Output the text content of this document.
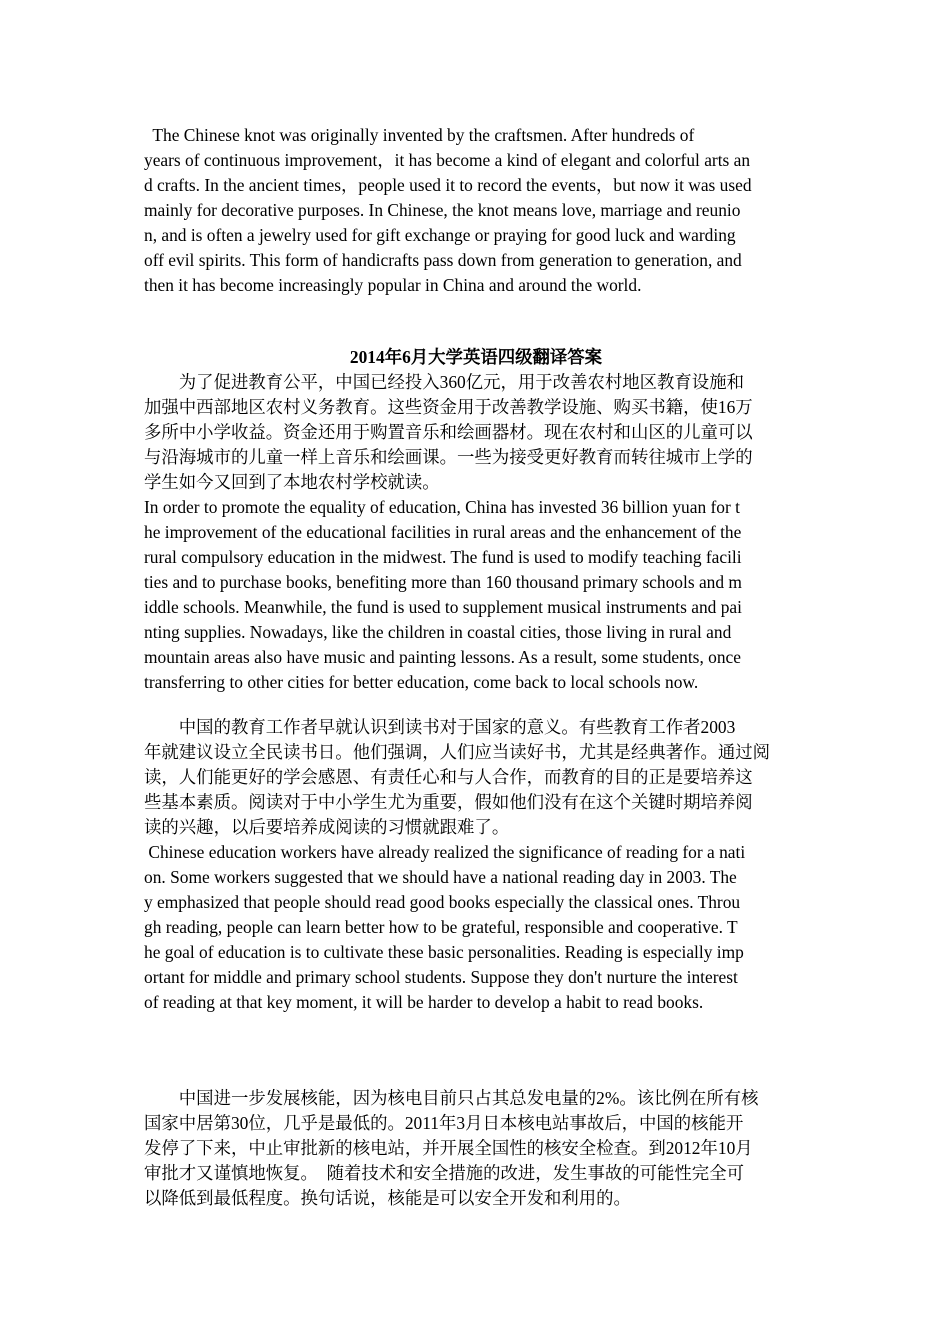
The Chinese knot was originally invented by the craftsmen. After hundreds of
years of continuous improvement，it has become a kind of elegant and colorful arts an
d crafts. In the ancient times，people used it to record the events，but now it was used
mainly for decorative purposes. In Chinese, the knot means love, marriage and reunio
n, and is often a jewelry used for gift exchange or praying for good luck and warding
off evil spirits. This form of handicrafts pass down from generation to generation, and
then it has become increasingly popular in China and around the world.
2014年6月大学英语四级翻译答案
　　为了促进教育公平，中国已经投入360亿元，用于改善农村地区教育设施和
加强中西部地区农村义务教育。这些资金用于改善教学设施、购买书籍，使16万
多所中小学收益。资金还用于购置音乐和绘画器材。现在农村和山区的儿童可以
与沿海城市的儿童一样上音乐和绘画课。一些为接受更好教育而转往城市上学的
学生如今又回到了本地农村学校就读。
In order to promote the equality of education, China has invested 36 billion yuan for t
he improvement of the educational facilities in rural areas and the enhancement of the
rural compulsory education in the midwest. The fund is used to modify teaching facili
ties and to purchase books, benefiting more than 160 thousand primary schools and m
iddle schools. Meanwhile, the fund is used to supplement musical instruments and pai
nting supplies. Nowadays, like the children in coastal cities, those living in rural and
mountain areas also have music and painting lessons. As a result, some students, once
transferring to other cities for better education, come back to local schools now.
　　中国的教育工作者早就认识到读书对于国家的意义。有些教育工作者2003
年就建议设立全民读书日。他们强调，人们应当读好书，尤其是经典著作。通过阅
读，人们能更好的学会感恩、有责任心和与人合作，而教育的目的正是要培养这
些基本素质。阅读对于中小学生尤为重要，假如他们没有在这个关键时期培养阅
读的兴趣，以后要培养成阅读的习惯就跟难了。
Chinese education workers have already realized the significance of reading for a nati
on. Some workers suggested that we should have a national reading day in 2003. The
y emphasized that people should read good books especially the classical ones. Throu
gh reading, people can learn better how to be grateful, responsible and cooperative. T
he goal of education is to cultivate these basic personalities. Reading is especially imp
ortant for middle and primary school students. Suppose they don't nurture the interest
of reading at that key moment, it will be harder to develop a habit to read books.
　　中国进一步发展核能，因为核电目前只占其总发电量的2%。该比例在所有核
国家中居第30位，几乎是最低的。2011年3月日本核电站事故后，中国的核能开
发停了下来，中止审批新的核电站，并开展全国性的核安全检查。到2012年10月
审批才又谨慎地恢复。　随着技术和安全措施的改进，发生事故的可能性完全可
以降低到最低程度。换句话说，核能是可以安全开发和利用的。
